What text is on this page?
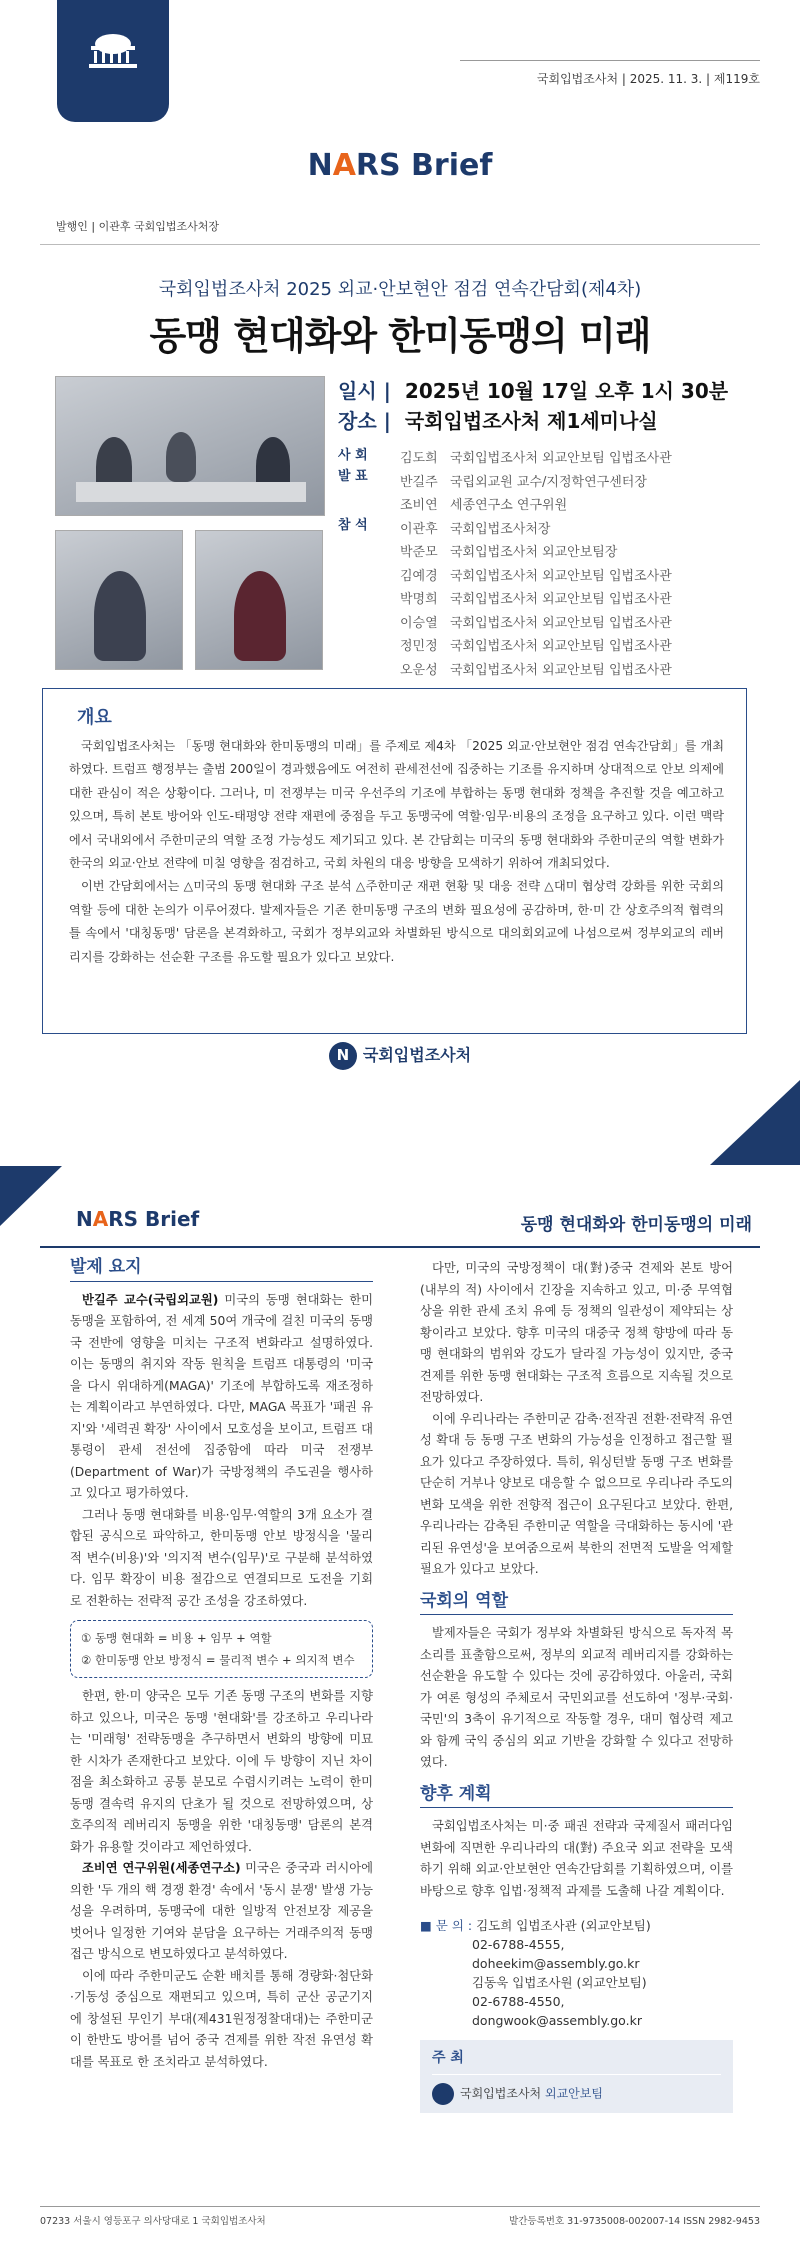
국회입법조사처 | 2025. 11. 3. | 제119호
NARS Brief
발행인 | 이관후 국회입법조사처장
국회입법조사처 2025 외교·안보현안 점검 연속간담회(제4차)
동맹 현대화와 한미동맹의 미래
일시 | 2025년 10월 17일 오후 1시 30분
장소 | 국회입법조사처 제1세미나실
사 회
발 표
참 석
김도희 국회입법조사처 외교안보팀 입법조사관
반길주 국립외교원 교수/지정학연구센터장
조비연 세종연구소 연구위원
이관후 국회입법조사처장
박준모 국회입법조사처 외교안보팀장
김예경 국회입법조사처 외교안보팀 입법조사관
박명희 국회입법조사처 외교안보팀 입법조사관
이승열 국회입법조사처 외교안보팀 입법조사관
정민정 국회입법조사처 외교안보팀 입법조사관
오운성 국회입법조사처 외교안보팀 입법조사관
개요

국회입법조사처는 「동맹 현대화와 한미동맹의 미래」를 주제로 제4차 「2025 외교·안보현안 점검 연속간담회」를 개최하였다. 트럼프 행정부는 출범 200일이 경과했음에도 여전히 관세전선에 집중하는 기조를 유지하며 상대적으로 안보 의제에 대한 관심이 적은 상황이다. 그러나, 미 전쟁부는 미국 우선주의 기조에 부합하는 동맹 현대화 정책을 추진할 것을 예고하고 있으며, 특히 본토 방어와 인도-태평양 전략 재편에 중점을 두고 동맹국에 역할·임무·비용의 조정을 요구하고 있다. 이런 맥락에서 국내외에서 주한미군의 역할 조정 가능성도 제기되고 있다. 본 간담회는 미국의 동맹 현대화와 주한미군의 역할 변화가 한국의 외교·안보 전략에 미칠 영향을 점검하고, 국회 차원의 대응 방향을 모색하기 위하여 개최되었다.

이번 간담회에서는 △미국의 동맹 현대화 구조 분석 △주한미군 재편 현황 및 대응 전략 △대미 협상력 강화를 위한 국회의 역할 등에 대한 논의가 이루어졌다. 발제자들은 기존 한미동맹 구조의 변화 필요성에 공감하며, 한·미 간 상호주의적 협력의 틀 속에서 '대칭동맹' 담론을 본격화하고, 국회가 정부외교와 차별화된 방식으로 대의회외교에 나섬으로써 정부외교의 레버리지를 강화하는 선순환 구조를 유도할 필요가 있다고 보았다.

N국회입법조사처
NARS Brief	동맹 현대화와 한미동맹의 미래
발제 요지

반길주 교수(국립외교원) 미국의 동맹 현대화는 한미동맹을 포함하여, 전 세계 50여 개국에 걸친 미국의 동맹국 전반에 영향을 미치는 구조적 변화라고 설명하였다. 이는 동맹의 취지와 작동 원칙을 트럼프 대통령의 '미국을 다시 위대하게(MAGA)' 기조에 부합하도록 재조정하는 계획이라고 부연하였다. 다만, MAGA 목표가 '패권 유지'와 '세력권 확장' 사이에서 모호성을 보이고, 트럼프 대통령이 관세 전선에 집중함에 따라 미국 전쟁부(Department of War)가 국방정책의 주도권을 행사하고 있다고 평가하였다.

그러나 동맹 현대화를 비용·임무·역할의 3개 요소가 결합된 공식으로 파악하고, 한미동맹 안보 방정식을 '물리적 변수(비용)'와 '의지적 변수(임무)'로 구분해 분석하였다. 임무 확장이 비용 절감으로 연결되므로 도전을 기회로 전환하는 전략적 공간 조성을 강조하였다.

① 동맹 현대화 = 비용 + 임무 + 역할
② 한미동맹 안보 방정식 = 물리적 변수 + 의지적 변수

한편, 한·미 양국은 모두 기존 동맹 구조의 변화를 지향하고 있으나, 미국은 동맹 '현대화'를 강조하고 우리나라는 '미래형' 전략동맹을 추구하면서 변화의 방향에 미묘한 시차가 존재한다고 보았다. 이에 두 방향이 지닌 차이점을 최소화하고 공통 분모로 수렴시키려는 노력이 한미동맹 결속력 유지의 단초가 될 것으로 전망하였으며, 상호주의적 레버리지 동맹을 위한 '대칭동맹' 담론의 본격화가 유용할 것이라고 제언하였다.

조비연 연구위원(세종연구소) 미국은 중국과 러시아에 의한 '두 개의 핵 경쟁 환경' 속에서 '동시 분쟁' 발생 가능성을 우려하며, 동맹국에 대한 일방적 안전보장 제공을 벗어나 일정한 기여와 분담을 요구하는 거래주의적 동맹 접근 방식으로 변모하였다고 분석하였다.

이에 따라 주한미군도 순환 배치를 통해 경량화·첨단화·기동성 중심으로 재편되고 있으며, 특히 군산 공군기지에 창설된 무인기 부대(제431원정정찰대대)는 주한미군이 한반도 방어를 넘어 중국 견제를 위한 작전 유연성 확대를 목표로 한 조치라고 분석하였다.

다만, 미국의 국방정책이 대(對)중국 견제와 본토 방어(내부의 적) 사이에서 긴장을 지속하고 있고, 미·중 무역협상을 위한 관세 조치 유예 등 정책의 일관성이 제약되는 상황이라고 보았다. 향후 미국의 대중국 정책 향방에 따라 동맹 현대화의 범위와 강도가 달라질 가능성이 있지만, 중국 견제를 위한 동맹 현대화는 구조적 흐름으로 지속될 것으로 전망하였다.

이에 우리나라는 주한미군 감축·전작권 전환·전략적 유연성 확대 등 동맹 구조 변화의 가능성을 인정하고 접근할 필요가 있다고 주장하였다. 특히, 워싱턴발 동맹 구조 변화를 단순히 거부나 양보로 대응할 수 없으므로 우리나라 주도의 변화 모색을 위한 전향적 접근이 요구된다고 보았다. 한편, 우리나라는 감축된 주한미군 역할을 극대화하는 동시에 '관리된 유연성'을 보여줌으로써 북한의 전면적 도발을 억제할 필요가 있다고 보았다.

국회의 역할

발제자들은 국회가 정부와 차별화된 방식으로 독자적 목소리를 표출함으로써, 정부의 외교적 레버리지를 강화하는 선순환을 유도할 수 있다는 것에 공감하였다. 아울러, 국회가 여론 형성의 주체로서 국민외교를 선도하여 '정부·국회·국민'의 3축이 유기적으로 작동할 경우, 대미 협상력 제고와 함께 국익 중심의 외교 기반을 강화할 수 있다고 전망하였다.

향후 계획

국회입법조사처는 미·중 패권 전략과 국제질서 패러다임 변화에 직면한 우리나라의 대(對) 주요국 외교 전략을 모색하기 위해 외교·안보현안 연속간담회를 기획하였으며, 이를 바탕으로 향후 입법·정책적 과제를 도출해 나갈 계획이다.

■ 문 의 : 김도희 입법조사관 (외교안보팀)
02-6788-4555, doheekim@assembly.go.kr
김동욱 입법조사원 (외교안보팀)
02-6788-4550, dongwook@assembly.go.kr
주 최
국회입법조사처 외교안보팀
07233 서울시 영등포구 의사당대로 1 국회입법조사처	발간등록번호 31-9735008-002007-14 ISSN 2982-9453
